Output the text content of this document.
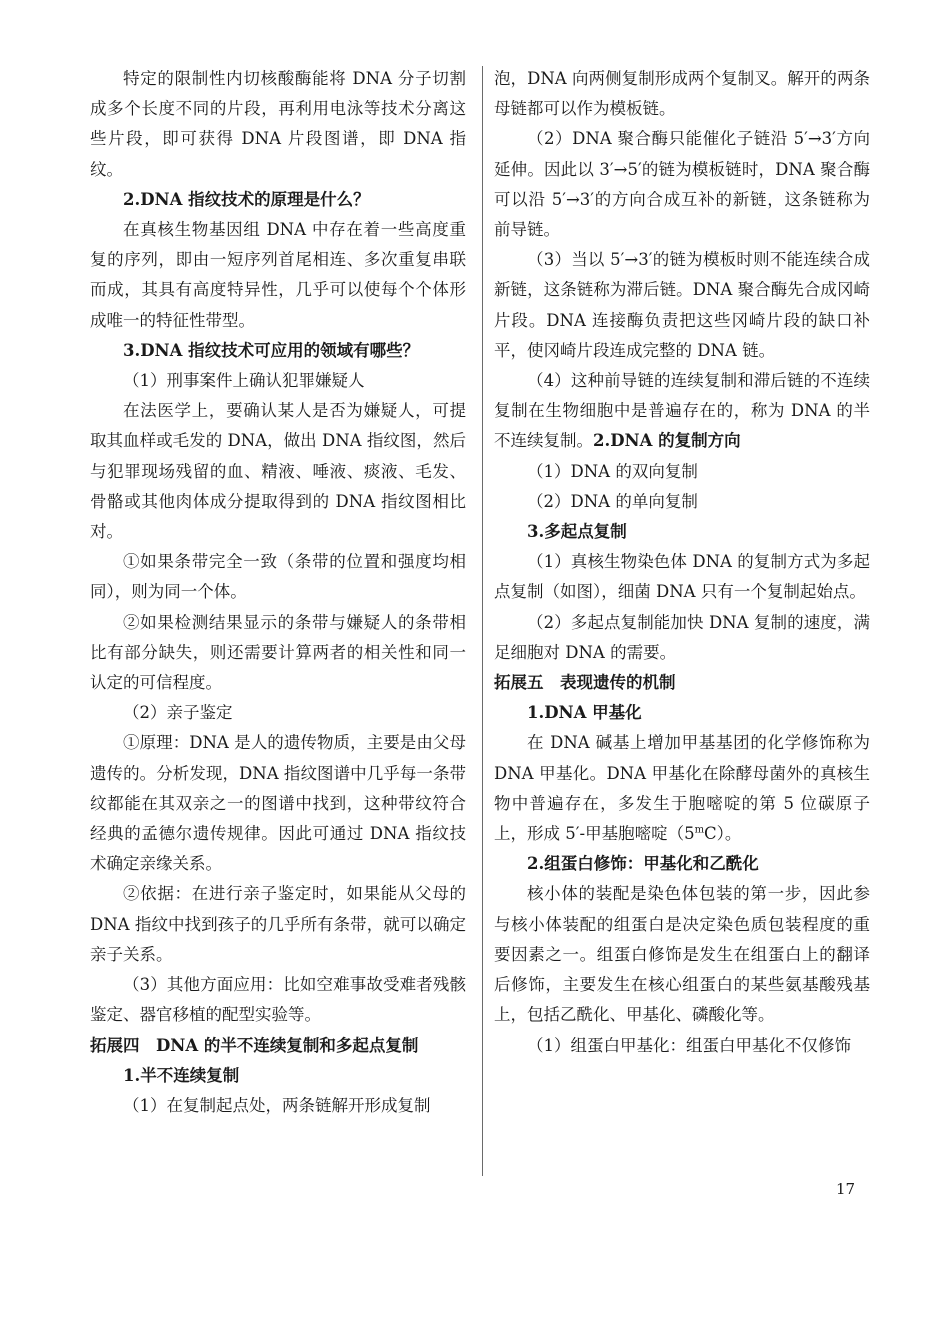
特定的限制性内切核酸酶能将 DNA 分子切割成多个长度不同的片段，再利用电泳等技术分离这些片段，即可获得 DNA 片段图谱，即 DNA 指纹。

2.DNA 指纹技术的原理是什么？

在真核生物基因组 DNA 中存在着一些高度重复的序列，即由一短序列首尾相连、多次重复串联而成，其具有高度特异性，几乎可以使每个个体形成唯一的特征性带型。

3.DNA 指纹技术可应用的领域有哪些？

（1）刑事案件上确认犯罪嫌疑人

在法医学上，要确认某人是否为嫌疑人，可提取其血样或毛发的 DNA，做出 DNA 指纹图，然后与犯罪现场残留的血、精液、唾液、痰液、毛发、骨骼或其他肉体成分提取得到的 DNA 指纹图相比对。

①如果条带完全一致（条带的位置和强度均相同），则为同一个体。

②如果检测结果显示的条带与嫌疑人的条带相比有部分缺失，则还需要计算两者的相关性和同一认定的可信程度。

（2）亲子鉴定

①原理：DNA 是人的遗传物质，主要是由父母遗传的。分析发现，DNA 指纹图谱中几乎每一条带纹都能在其双亲之一的图谱中找到，这种带纹符合经典的孟德尔遗传规律。因此可通过 DNA 指纹技术确定亲缘关系。

②依据：在进行亲子鉴定时，如果能从父母的 DNA 指纹中找到孩子的几乎所有条带，就可以确定亲子关系。

（3）其他方面应用：比如空难事故受难者残骸鉴定、器官移植的配型实验等。

拓展四　DNA 的半不连续复制和多起点复制

1.半不连续复制

（1）在复制起点处，两条链解开形成复制

泡，DNA 向两侧复制形成两个复制叉。解开的两条母链都可以作为模板链。

（2）DNA 聚合酶只能催化子链沿 5′→3′方向延伸。因此以 3′→5′的链为模板链时，DNA 聚合酶可以沿 5′→3′的方向合成互补的新链，这条链称为前导链。

（3）当以 5′→3′的链为模板时则不能连续合成新链，这条链称为滞后链。DNA 聚合酶先合成冈崎片段。DNA 连接酶负责把这些冈崎片段的缺口补平，使冈崎片段连成完整的 DNA 链。

（4）这种前导链的连续复制和滞后链的不连续复制在生物细胞中是普遍存在的，称为 DNA 的半不连续复制。2.DNA 的复制方向

（1）DNA 的双向复制

（2）DNA 的单向复制

3.多起点复制

（1）真核生物染色体 DNA 的复制方式为多起点复制（如图），细菌 DNA 只有一个复制起始点。

（2）多起点复制能加快 DNA 复制的速度，满足细胞对 DNA 的需要。

拓展五　表现遗传的机制

1.DNA 甲基化

在 DNA 碱基上增加甲基基团的化学修饰称为 DNA 甲基化。DNA 甲基化在除酵母菌外的真核生物中普遍存在，多发生于胞嘧啶的第 5 位碳原子上，形成 5′-甲基胞嘧啶（5$^m$C）。

2.组蛋白修饰：甲基化和乙酰化

核小体的装配是染色体包装的第一步，因此参与核小体装配的组蛋白是决定染色质包装程度的重要因素之一。组蛋白修饰是发生在组蛋白上的翻译后修饰，主要发生在核心组蛋白的某些氨基酸残基上，包括乙酰化、甲基化、磷酸化等。

（1）组蛋白甲基化：组蛋白甲基化不仅修饰

17
